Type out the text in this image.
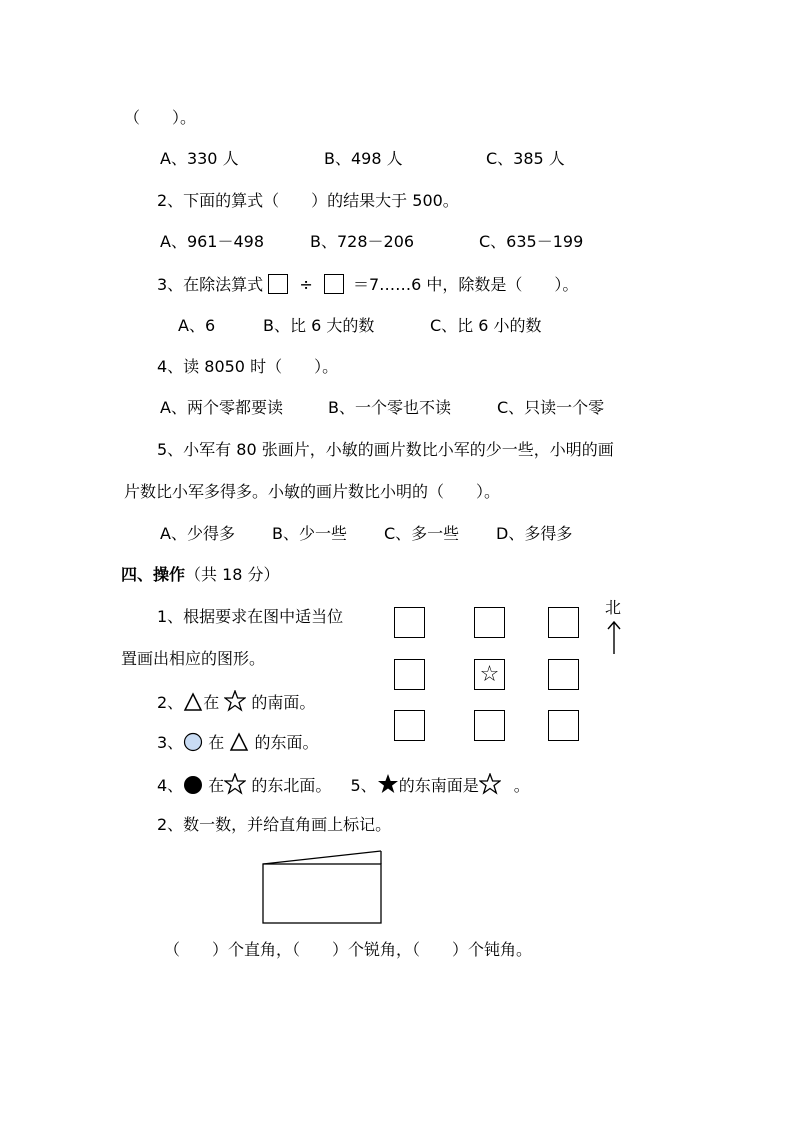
（　　）。
A、330 人	B、498 人	C、385 人
2、下面的算式（　　）的结果大于 500。
A、961－498	B、728－206	C、635－199
3、在除法算式 ÷	＝7……6 中，除数是（　　）。
A、6	B、比 6 大的数	C、比 6 小的数
4、读 8050 时（　　）。
A、两个零都要读	B、一个零也不读	C、只读一个零
5、小军有 80 张画片，小敏的画片数比小军的少一些，小明的画
片数比小军多得多。小敏的画片数比小明的（　　）。
A、少得多 B、少一些 C、多一些 D、多得多
四、操作（共 18 分）
1、根据要求在图中适当位
置画出相应的图形。
☆
北
2、 在 的南面。
3、 在 的东面。
4、 在 的东北面。 5、 的东南面是 。
2、数一数，并给直角画上标记。
（　　）个直角，（　　）个锐角，（　　）个钝角。
